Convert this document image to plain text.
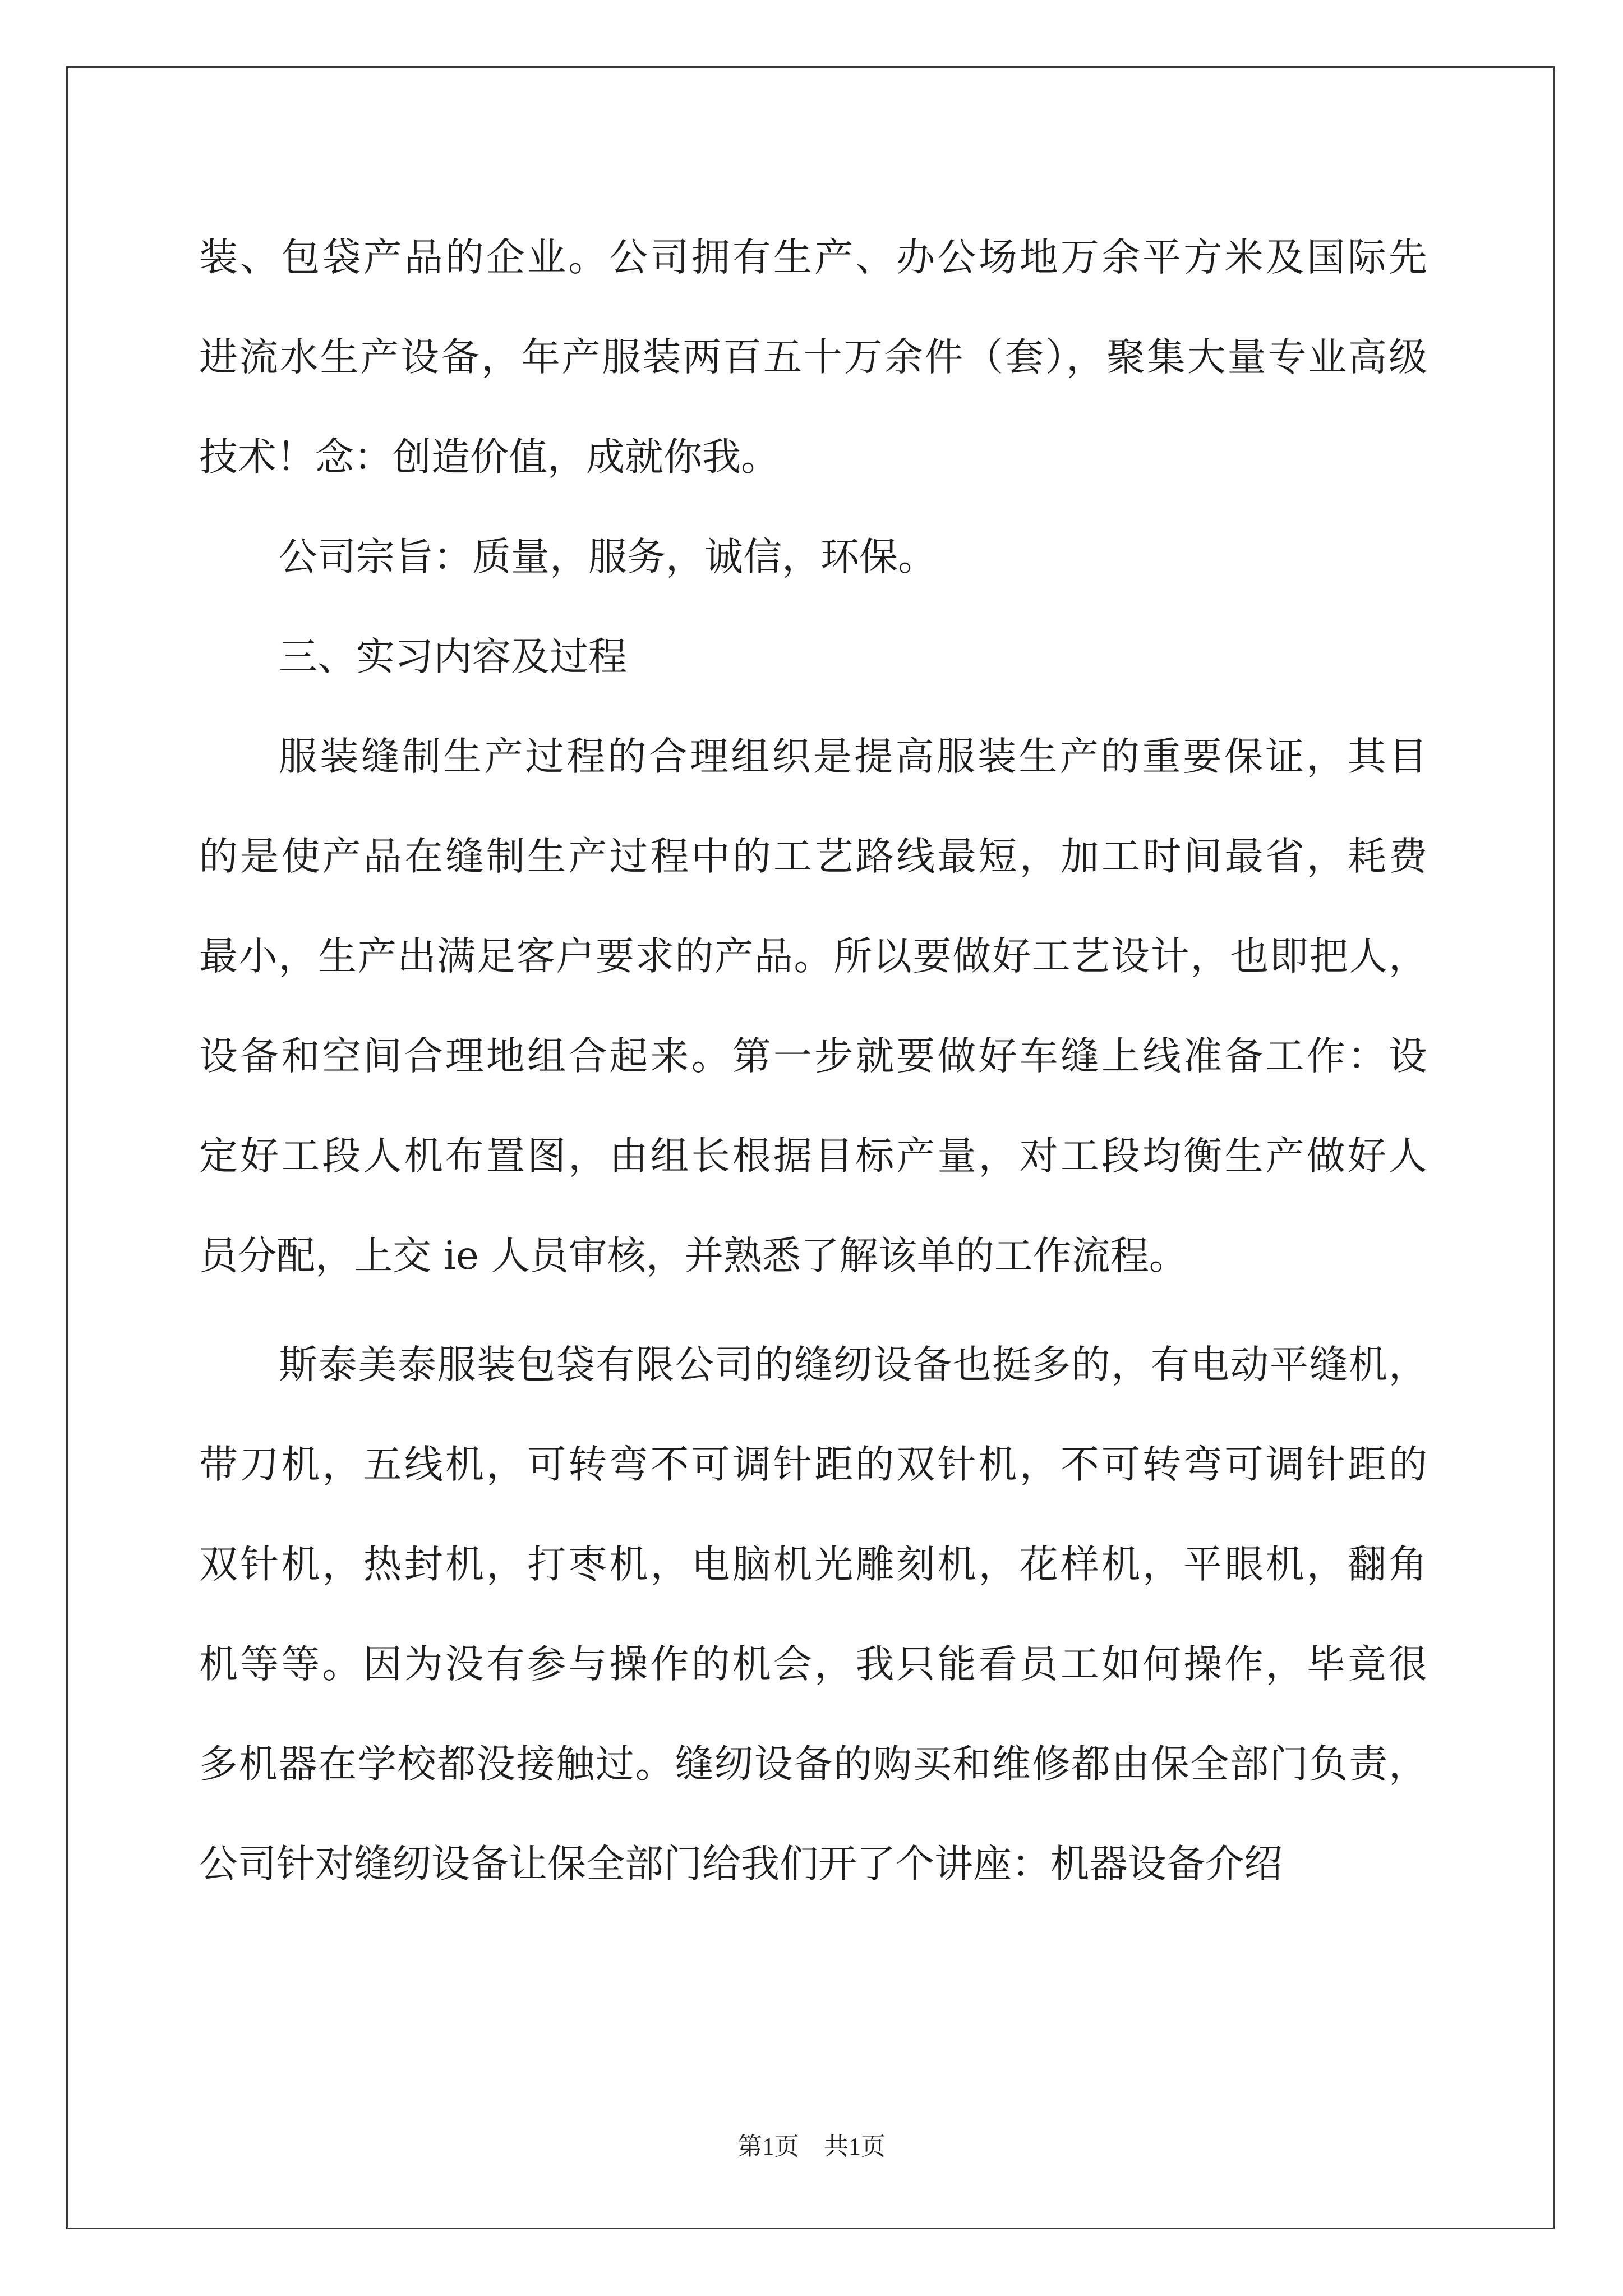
装、包袋产品的企业。公司拥有生产、办公场地万余平方米及国际先
进流水生产设备，年产服装两百五十万余件（套），聚集大量专业高级
技术！念：创造价值，成就你我。
公司宗旨：质量，服务，诚信，环保。
三、实习内容及过程
服装缝制生产过程的合理组织是提高服装生产的重要保证，其目
的是使产品在缝制生产过程中的工艺路线最短，加工时间最省，耗费
最小，生产出满足客户要求的产品。所以要做好工艺设计，也即把人，
设备和空间合理地组合起来。第一步就要做好车缝上线准备工作：设
定好工段人机布置图，由组长根据目标产量，对工段均衡生产做好人
员分配，上交 ie 人员审核，并熟悉了解该单的工作流程。
斯泰美泰服装包袋有限公司的缝纫设备也挺多的，有电动平缝机，
带刀机，五线机，可转弯不可调针距的双针机，不可转弯可调针距的
双针机，热封机，打枣机，电脑机光雕刻机，花样机，平眼机，翻角
机等等。因为没有参与操作的机会，我只能看员工如何操作，毕竟很
多机器在学校都没接触过。缝纫设备的购买和维修都由保全部门负责，
公司针对缝纫设备让保全部门给我们开了个讲座：机器设备介绍
第1页　共1页
